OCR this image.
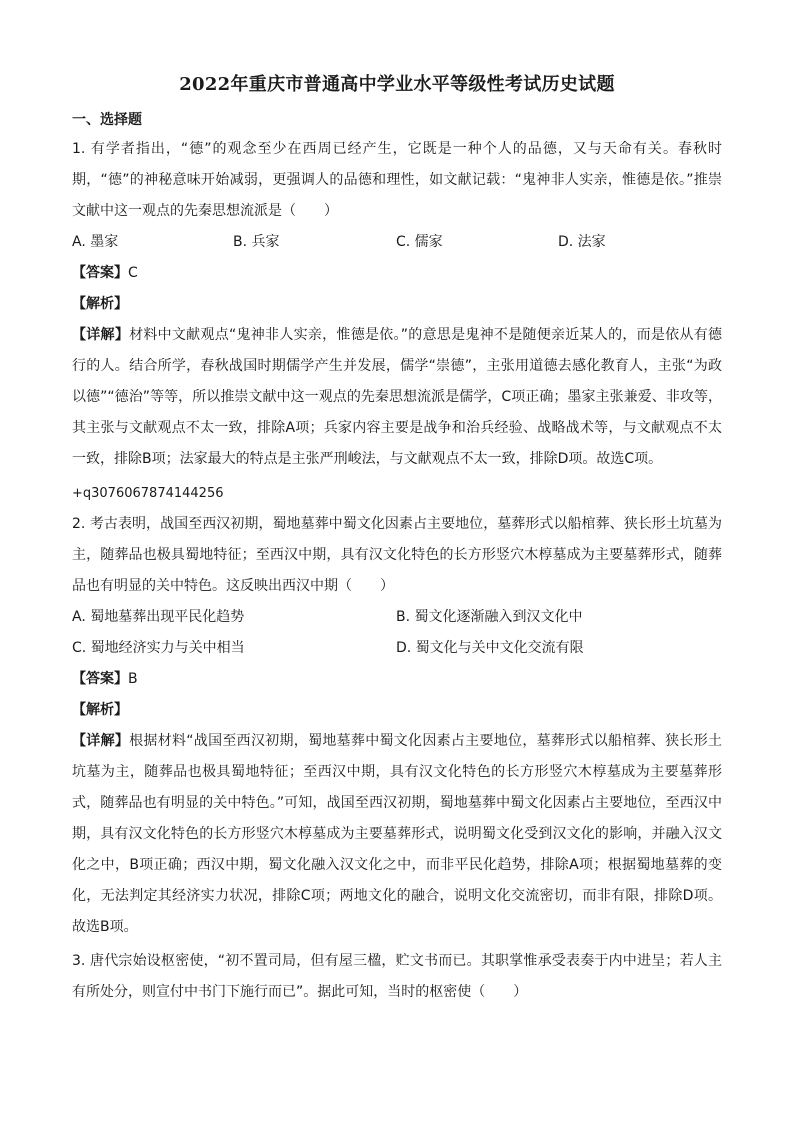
2022年重庆市普通高中学业水平等级性考试历史试题
一、选择题

1. 有学者指出，“德”的观念至少在西周已经产生，它既是一种个人的品德，又与天命有关。春秋时期，“德”的神秘意味开始减弱，更强调人的品德和理性，如文献记载：“鬼神非人实亲，惟德是依。”推崇文献中这一观点的先秦思想流派是（　　）

A. 墨家	B. 兵家	C. 儒家	D. 法家
【答案】C
【解析】

【详解】材料中文献观点“鬼神非人实亲，惟德是依。”的意思是鬼神不是随便亲近某人的，而是依从有德行的人。结合所学，春秋战国时期儒学产生并发展，儒学“崇德”，主张用道德去感化教育人，主张“为政以德”“德治”等等，所以推崇文献中这一观点的先秦思想流派是儒学，C项正确；墨家主张兼爱、非攻等，其主张与文献观点不太一致，排除A项；兵家内容主要是战争和治兵经验、战略战术等，与文献观点不太一致，排除B项；法家最大的特点是主张严刑峻法，与文献观点不太一致，排除D项。故选C项。

+q3076067874144256

2. 考古表明，战国至西汉初期，蜀地墓葬中蜀文化因素占主要地位，墓葬形式以船棺葬、狭长形土坑墓为主，随葬品也极具蜀地特征；至西汉中期，具有汉文化特色的长方形竖穴木椁墓成为主要墓葬形式，随葬品也有明显的关中特色。这反映出西汉中期（　　）

A. 蜀地墓葬出现平民化趋势	B. 蜀文化逐渐融入到汉文化中
C. 蜀地经济实力与关中相当	D. 蜀文化与关中文化交流有限
【答案】B
【解析】

【详解】根据材料“战国至西汉初期，蜀地墓葬中蜀文化因素占主要地位，墓葬形式以船棺葬、狭长形土坑墓为主，随葬品也极具蜀地特征；至西汉中期，具有汉文化特色的长方形竖穴木椁墓成为主要墓葬形式，随葬品也有明显的关中特色。”可知，战国至西汉初期，蜀地墓葬中蜀文化因素占主要地位，至西汉中期，具有汉文化特色的长方形竖穴木椁墓成为主要墓葬形式，说明蜀文化受到汉文化的影响，并融入汉文化之中，B项正确；西汉中期，蜀文化融入汉文化之中，而非平民化趋势，排除A项；根据蜀地墓葬的变化，无法判定其经济实力状况，排除C项；两地文化的融合，说明文化交流密切，而非有限，排除D项。故选B项。

3. 唐代宗始设枢密使，“初不置司局，但有屋三楹，贮文书而已。其职掌惟承受表奏于内中进呈；若人主有所处分，则宣付中书门下施行而已”。据此可知，当时的枢密使（　　）
